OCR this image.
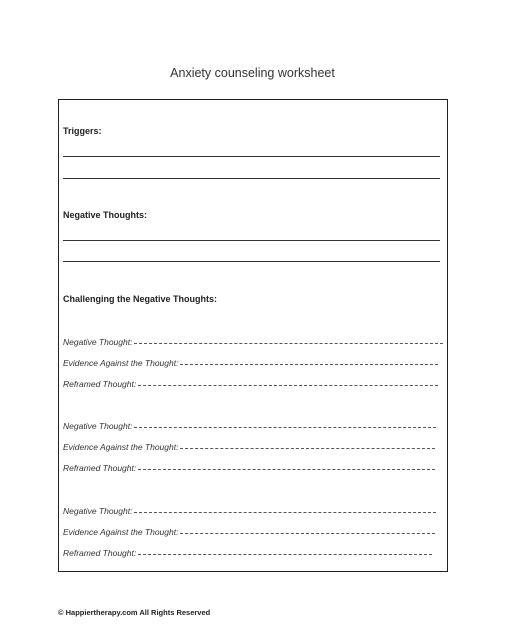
Anxiety counseling worksheet
Triggers:
Negative Thoughts:
Challenging the Negative Thoughts:
Negative Thought:
Evidence Against the Thought:
Reframed Thought:
Negative Thought:
Evidence Against the Thought:
Reframed Thought:
Negative Thought:
Evidence Against the Thought:
Reframed Thought:
© Happiertherapy.com All Rights Reserved
